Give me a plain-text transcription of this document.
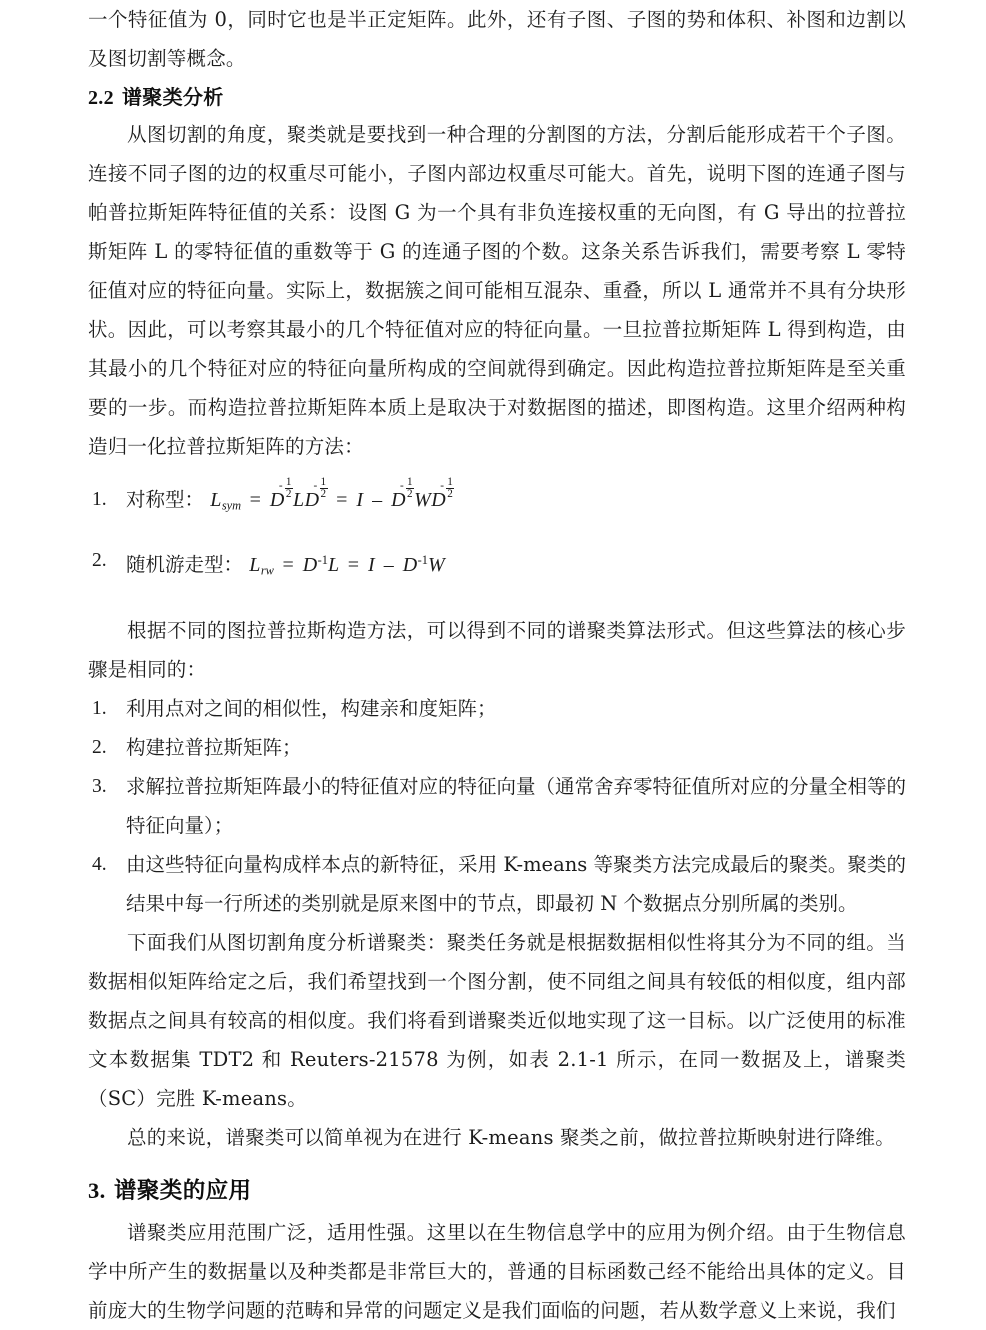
一个特征值为 0，同时它也是半正定矩阵。此外，还有子图、子图的势和体积、补图和边割以及图切割等概念。

2.2 谱聚类分析

从图切割的角度，聚类就是要找到一种合理的分割图的方法，分割后能形成若干个子图。连接不同子图的边的权重尽可能小，子图内部边权重尽可能大。首先，说明下图的连通子图与帕普拉斯矩阵特征值的关系：设图 G 为一个具有非负连接权重的无向图，有 G 导出的拉普拉斯矩阵 L 的零特征值的重数等于 G 的连通子图的个数。这条关系告诉我们，需要考察 L 零特征值对应的特征向量。实际上，数据簇之间可能相互混杂、重叠，所以 L 通常并不具有分块形状。因此，可以考察其最小的几个特征值对应的特征向量。一旦拉普拉斯矩阵 L 得到构造，由其最小的几个特征对应的特征向量所构成的空间就得到确定。因此构造拉普拉斯矩阵是至关重要的一步。而构造拉普拉斯矩阵本质上是取决于对数据图的描述，即图构造。这里介绍两种构造归一化拉普拉斯矩阵的方法：

1. 对称型： $L_{sym} = D$
- 1
2 LD
- 1
2 = I – D
- 1
2 WD
- 1
2
2. 随机游走型： $L_{rw} = D^{-1}L = I - D^{-1}W$

根据不同的图拉普拉斯构造方法，可以得到不同的谱聚类算法形式。但这些算法的核心步骤是相同的：

1. 利用点对之间的相似性，构建亲和度矩阵；
2. 构建拉普拉斯矩阵；
3. 求解拉普拉斯矩阵最小的特征值对应的特征向量（通常舍弃零特征值所对应的分量全相等的特征向量）；
4. 由这些特征向量构成样本点的新特征，采用 K-means 等聚类方法完成最后的聚类。聚类的结果中每一行所述的类别就是原来图中的节点，即最初 N 个数据点分别所属的类别。

下面我们从图切割角度分析谱聚类：聚类任务就是根据数据相似性将其分为不同的组。当数据相似矩阵给定之后，我们希望找到一个图分割，使不同组之间具有较低的相似度，组内部数据点之间具有较高的相似度。我们将看到谱聚类近似地实现了这一目标。以广泛使用的标准文本数据集 TDT2 和 Reuters-21578 为例，如表 2.1-1 所示，在同一数据及上，谱聚类（SC）完胜 K-means。

总的来说，谱聚类可以简单视为在进行 K-means 聚类之前，做拉普拉斯映射进行降维。

3. 谱聚类的应用

谱聚类应用范围广泛，适用性强。这里以在生物信息学中的应用为例介绍。由于生物信息学中所产生的数据量以及种类都是非常巨大的，普通的目标函数己经不能给出具体的定义。目前庞大的生物学问题的范畴和异常的问题定义是我们面临的问题，若从数学意义上来说，我们
